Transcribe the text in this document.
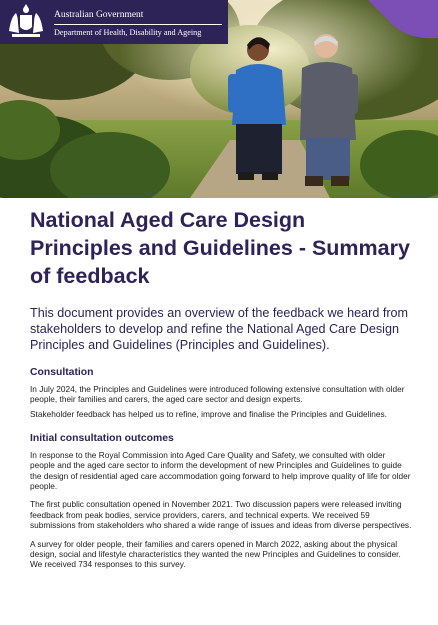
Australian Government
Department of Health, Disability and Ageing
National Aged Care Design Principles and Guidelines - Summary of feedback

This document provides an overview of the feedback we heard from stakeholders to develop and refine the National Aged Care Design Principles and Guidelines (Principles and Guidelines).

Consultation

In July 2024, the Principles and Guidelines were introduced following extensive consultation with older people, their families and carers, the aged care sector and design experts.

Stakeholder feedback has helped us to refine, improve and finalise the Principles and Guidelines.

Initial consultation outcomes

In response to the Royal Commission into Aged Care Quality and Safety, we consulted with older people and the aged care sector to inform the development of new Principles and Guidelines to guide the design of residential aged care accommodation going forward to help improve quality of life for older people.

The first public consultation opened in November 2021. Two discussion papers were released inviting feedback from peak bodies, service providers, carers, and technical experts. We received 59 submissions from stakeholders who shared a wide range of issues and ideas from diverse perspectives.

A survey for older people, their families and carers opened in March 2022, asking about the physical design, social and lifestyle characteristics they wanted the new Principles and Guidelines to consider. We received 734 responses to this survey.
